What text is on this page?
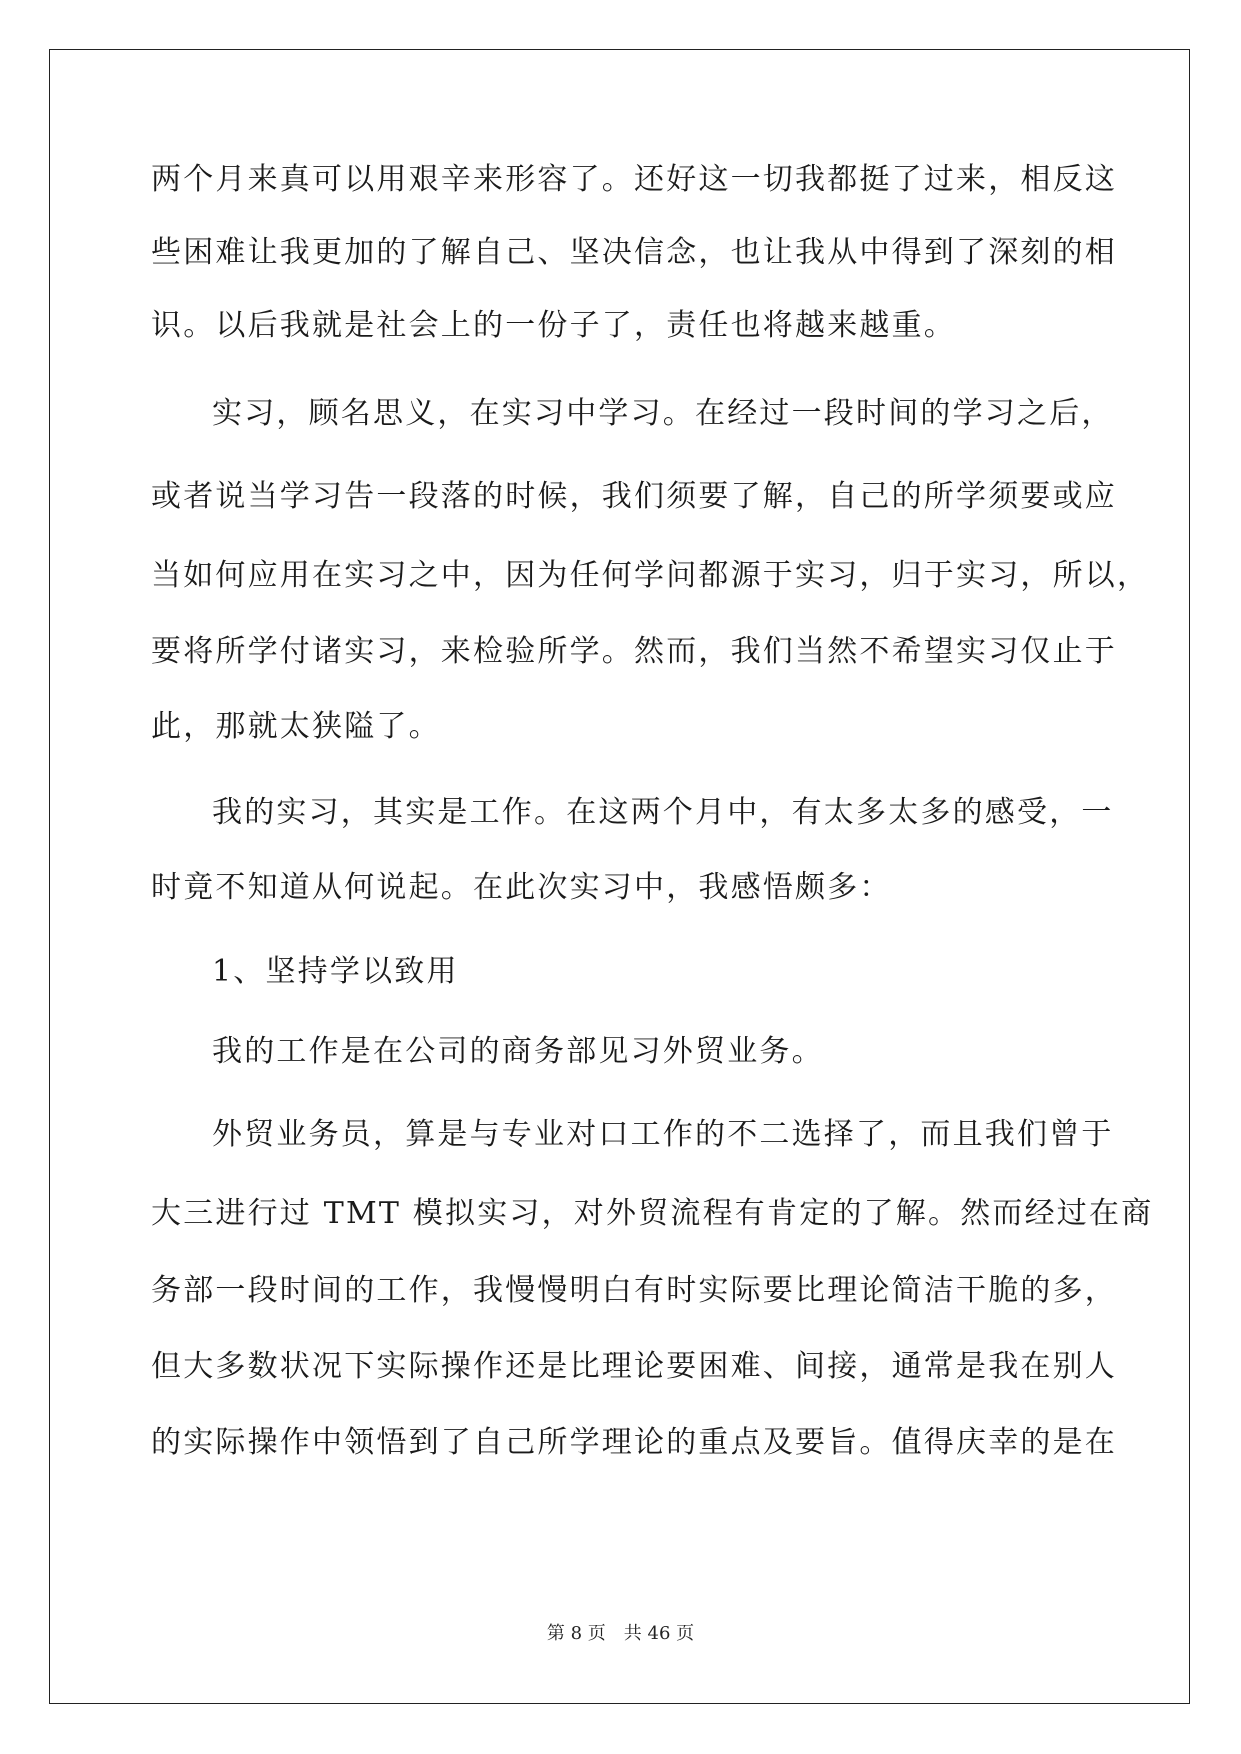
两个月来真可以用艰辛来形容了。还好这一切我都挺了过来，相反这
些困难让我更加的了解自己、坚决信念，也让我从中得到了深刻的相
识。以后我就是社会上的一份子了，责任也将越来越重。
实习，顾名思义，在实习中学习。在经过一段时间的学习之后，
或者说当学习告一段落的时候，我们须要了解，自己的所学须要或应
当如何应用在实习之中，因为任何学问都源于实习，归于实习，所以，
要将所学付诸实习，来检验所学。然而，我们当然不希望实习仅止于
此，那就太狭隘了。
我的实习，其实是工作。在这两个月中，有太多太多的感受，一
时竟不知道从何说起。在此次实习中，我感悟颇多：
1、坚持学以致用
我的工作是在公司的商务部见习外贸业务。
外贸业务员，算是与专业对口工作的不二选择了，而且我们曾于
大三进行过 TMT 模拟实习，对外贸流程有肯定的了解。然而经过在商
务部一段时间的工作，我慢慢明白有时实际要比理论简洁干脆的多，
但大多数状况下实际操作还是比理论要困难、间接，通常是我在别人
的实际操作中领悟到了自己所学理论的重点及要旨。值得庆幸的是在
第 8 页 共 46 页
